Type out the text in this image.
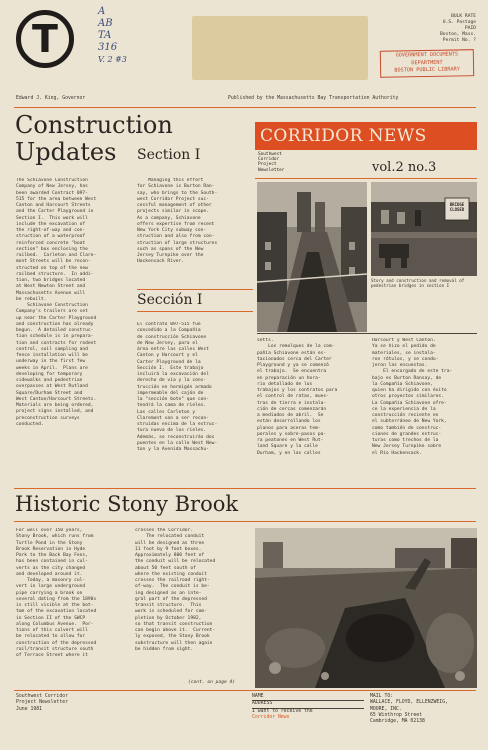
T
A
AB
TA
316
V. 2 #3
BULK RATE
U.S. Postage
PAID
Boston, Mass.
Permit No. ?
GOVERNMENT DOCUMENTS
DEPARTMENT
BOSTON PUBLIC LIBRARY
Edward J. King, Governor	Published by the Massachusetts Bay Transportation Authority
Construction
Updates Section I
CORRIDOR NEWS
Southwest
Corridor
Project
Newsletter	vol.2 no.3
BRIDGE CLOSED
Story and construction and removal of pedestrian bridges in section I
The Schiavone Construction
Company of New Jersey, has
been awarded Contract 097-
515 for the area between West
Canton and Harcourt Streets
and the Carter Playground in
Section I.  This work will
include the excavation of
the right-of-way and con-
struction of a waterproof
reinforced concrete "boat
section" box enclosing the
railbed.  Carleton and Clare-
mont Streets will be recon-
structed on top of the new
railbed structure.  In addi-
tion, two bridges located
at West Newton Street and
Massachusetts Avenue will
be rebuilt.
Schiavone Construction
Company's trailers are set
up near the Carter Playground
and construction has already
begun.  A detailed construc-
tion schedule is in prepara-
tion and contracts for rodent
control, soil sampling and
fence installation will be
underway in the first few
weeks in April.  Plans are
developing for temporary
sidewalks and pedestrian
overpasses at West Rutland
Square/Durham Street and
West Canton/Harcourt Streets.
Materials are being ordered,
project signs installed, and
preconstruction surveys
conducted.
Managing this effort
for Schiavone is Burton Ran-
say, who brings to the South-
west Corridor Project suc-
cessful management of other
projects similar in scope.
As a company, Schiavone
offers expertise from recent
New York City subway con-
struction and also from con-
struction of large structures
such as spans of the New
Jersey Turnpike over the
Hackensack River.
Sección I
El contrato 097-515 fue
concedido a la Compañía
de construcción Schiavone
de New Jersey, para el
área entre las calles West
Canton y Harcourt y el
Carter Playground de la
Sección I.  Este trabajo
incluirá la excavación del
derecho de vía y la cons-
trucción en hormigón armado
impermeable del cajón de
la "sección bote" que con-
tendrá la cama de rieles.
Las calles Carleton y
Claremont van a ser recon-
struidas encima de la estruc-
tura nueva de los rieles.
Además, se reconstruirán dos
puentes en la calle West New-
ton y la Avenida Massachu-
setts.
Los remolques de la com-
pañía Schiavone están es-
tacionados cerca del Carter
Playground y ya se comenzó
el trabajo.  Se encuentra
en preparación un hora-
rio detallado de los
trabajos y los contratos para
el control de ratas, mues-
tras de tierra e instala-
ción de cercas comenzarán
a mediados de abril.  Se
están desarrollando los
planos para aceras tem-
porales y sobre-pasos pa-
ra peatones en West Rut-
land Square y la calle
Durham, y en las calles
Harcourt y West Canton.
Ya se hizo el pedido de
materiales, se instala-
ron rótulos, y se condu-
jeron las encuestas.
El encargado de este tra-
bajo es Burton Ransay, de
la Compañía Schiavone,
quien ha dirigido con éxito
otros proyectos similares.
La Compañía Schiavone ofre-
ce la experiencia de la
construcción reciente en
el subterráneo de New York,
como también de construc-
ciones de grandes estruc-
turas como trechos de la
New Jersey Turnpike sobre
el Río Hackensack.
Historic Stony Brook
For well over 150 years,
Stony Brook, which runs from
Turtle Pond in the Stony
Brook Reservation in Hyde
Park to the Back Bay Fens,
has been contained in cul-
verts as the city changed
and developed around it.
Today, a masonry cul-
vert in large underground
pipe carrying a brook on
several dating from the 1890s
is still visible at the bot-
tom of the excavation located
in Section II of the SWCP
along Columbus Avenue.  Por-
tions of this culvert will
be relocated to allow for
construction of the depressed
rail/transit structure south
of Terrace Street where it
crosses the Corridor.
The relocated conduit
will be designed as three
11 foot by 9 foot boxes.
Approximately 800 feet of
the conduit will be relocated
about 50 feet south of
where the existing conduit
crosses the railroad right-
of-way.  The conduit is be-
ing designed as an inte-
gral part of the depressed
transit structure.  This
work is scheduled for com-
pletion by October 1982,
so that transit construction
can begin above it.  Current-
ly exposed, the Stony Brook
substructure will then again
be hidden from sight.
(cont. on page 4)
Southwest Corridor
Project Newsletter
June 1981
NAME
ADDRESS
I want to receive the
Corridor News
MAIL TO:
WALLACE, FLOYD, ELLENZWEIG,
MOORE, INC.
65 Winthrop Street
Cambridge, MA 02138
